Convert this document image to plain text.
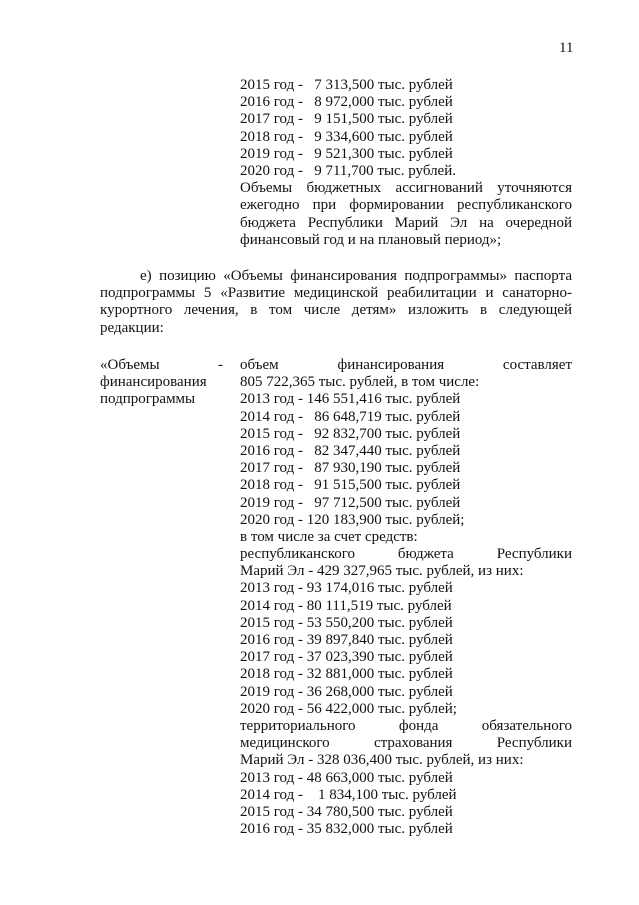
11
2015 год -   7 313,500 тыс. рублей
2016 год -   8 972,000 тыс. рублей
2017 год -   9 151,500 тыс. рублей
2018 год -   9 334,600 тыс. рублей
2019 год -   9 521,300 тыс. рублей
2020 год -   9 711,700 тыс. рублей.
Объемы бюджетных ассигнований уточняются
ежегодно при формировании республиканского
бюджета Республики Марий Эл на очередной
финансовый год и на плановый период»;
е) позицию «Объемы финансирования подпрограммы» паспорта
подпрограммы 5 «Развитие медицинской реабилитации и санаторно-
курортного лечения, в том числе детям» изложить в следующей
редакции:
«Объемы
финансирования
подпрограммы
- объем финансирования составляет
805 722,365 тыс. рублей, в том числе:
2013 год - 146 551,416 тыс. рублей
2014 год -   86 648,719 тыс. рублей
2015 год -   92 832,700 тыс. рублей
2016 год -   82 347,440 тыс. рублей
2017 год -   87 930,190 тыс. рублей
2018 год -   91 515,500 тыс. рублей
2019 год -   97 712,500 тыс. рублей
2020 год - 120 183,900 тыс. рублей;
в том числе за счет средств:
республиканского бюджета Республики
Марий Эл - 429 327,965 тыс. рублей, из них:
2013 год - 93 174,016 тыс. рублей
2014 год - 80 111,519 тыс. рублей
2015 год - 53 550,200 тыс. рублей
2016 год - 39 897,840 тыс. рублей
2017 год - 37 023,390 тыс. рублей
2018 год - 32 881,000 тыс. рублей
2019 год - 36 268,000 тыс. рублей
2020 год - 56 422,000 тыс. рублей;
территориального фонда обязательного
медицинского страхования Республики
Марий Эл - 328 036,400 тыс. рублей, из них:
2013 год - 48 663,000 тыс. рублей
2014 год -    1 834,100 тыс. рублей
2015 год - 34 780,500 тыс. рублей
2016 год - 35 832,000 тыс. рублей
